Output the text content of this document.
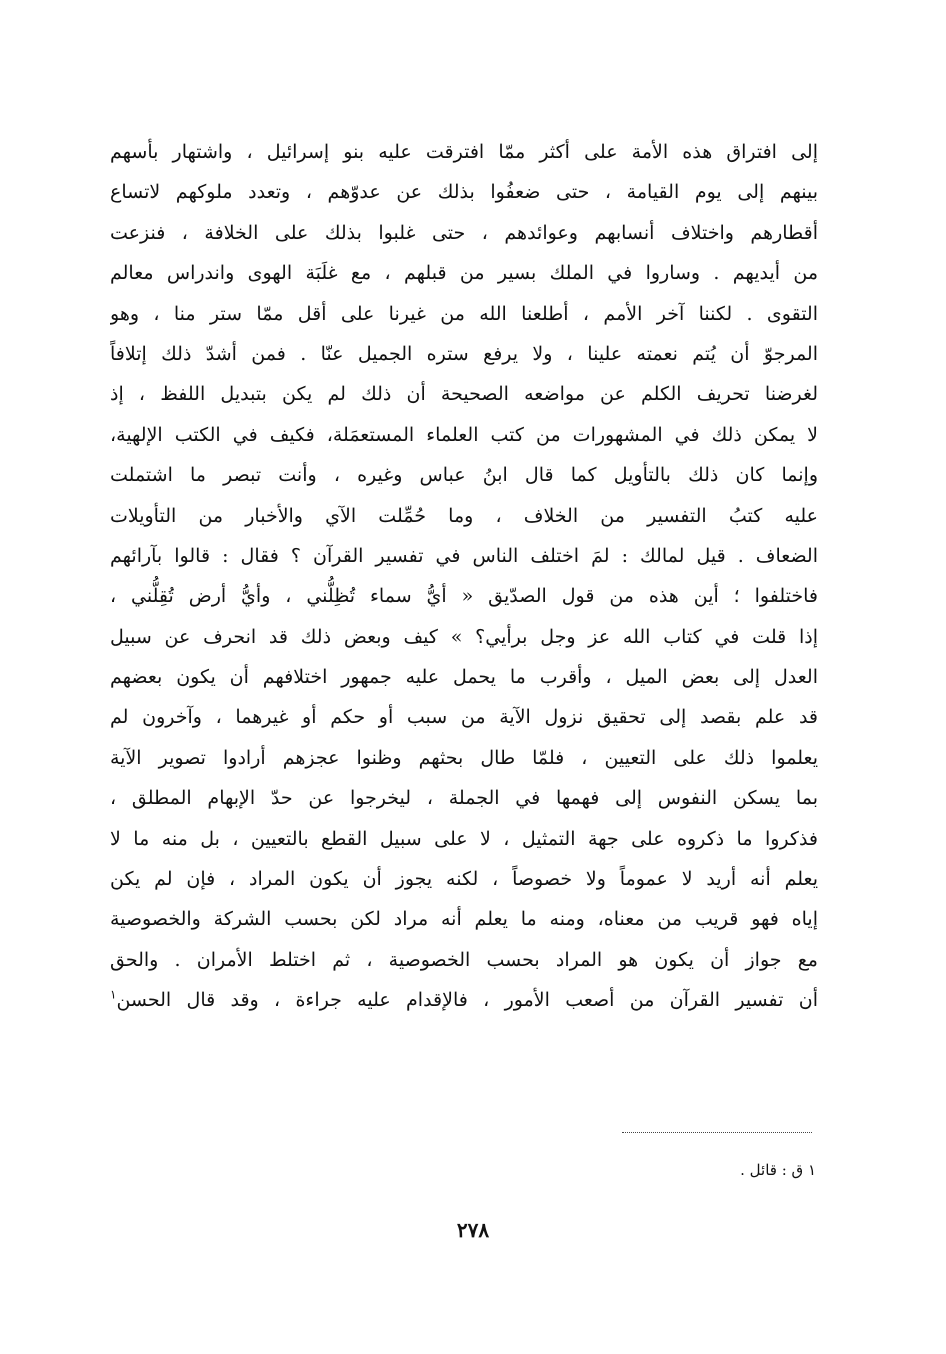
إلى افتراق هذه الأمة على أكثر ممّا افترقت عليه بنو إسرائيل ، واشتهار بأسهم
بينهم إلى يوم القيامة ، حتى ضعفُوا بذلك عن عدوّهم ، وتعدد ملوكهم لاتساع
أقطارهم واختلاف أنسابهم وعوائدهم ، حتى غلبوا بذلك على الخلافة ، فنزعت
من أيديهم . وساروا في الملك بسير من قبلهم ، مع غلَبَة الهوى واندراس معالم
التقوى . لكننا آخر الأمم ، أطلعنا الله من غيرنا على أقل ممّا ستر منا ، وهو
المرجوّ أن يُتم نعمته علينا ، ولا يرفع ستره الجميل عنّا . فمن أشدّ ذلك إتلافاً
لغرضنا تحريف الكلم عن مواضعه الصحيحة أن ذلك لم يكن بتبديل اللفظ ، إذ
لا يمكن ذلك في المشهورات من كتب العلماء المستعمَلة، فكيف في الكتب الإلهية،
وإنما كان ذلك بالتأويل كما قال ابنُ عباس وغيره ، وأنت تبصر ما اشتملت
عليه كتبُ التفسير من الخلاف ، وما حُمِّلت الآي والأخبار من التأويلات
الضعاف . قيل لمالك : لمَ اختلف الناس في تفسير القرآن ؟ فقال : قالوا بآرائهم
فاختلفوا ؛ أين هذه من قول الصدّيق « أيُّ سماء تُظِلُّني ، وأيُّ أرض تُقِلُّني ،
إذا قلت في كتاب الله عز وجل برأيي؟ » كيف وبعض ذلك قد انحرف عن سبيل
العدل إلى بعض الميل ، وأقرب ما يحمل عليه جمهور اختلافهم أن يكون بعضهم
قد علم بقصد إلى تحقيق نزول الآية من سبب أو حكم أو غيرهما ، وآخرون لم
يعلموا ذلك على التعيين ، فلمّا طال بحثهم وظنوا عجزهم أرادوا تصوير الآية
بما يسكن النفوس إلى فهمها في الجملة ، ليخرجوا عن حدّ الإبهام المطلق ،
فذكروا ما ذكروه على جهة التمثيل ، لا على سبيل القطع بالتعيين ، بل منه ما لا
يعلم أنه أريد لا عموماً ولا خصوصاً ، لكنه يجوز أن يكون المراد ، فإن لم يكن
إياه فهو قريب من معناه، ومنه ما يعلم أنه مراد لكن بحسب الشركة والخصوصية
مع جواز أن يكون هو المراد بحسب الخصوصية ، ثم اختلط الأمران . والحق
أن تفسير القرآن من أصعب الأمور ، فالإقدام عليه جراءة ، وقد قال الحسن$^١$
١ ق : قائل .
٢٧٨
